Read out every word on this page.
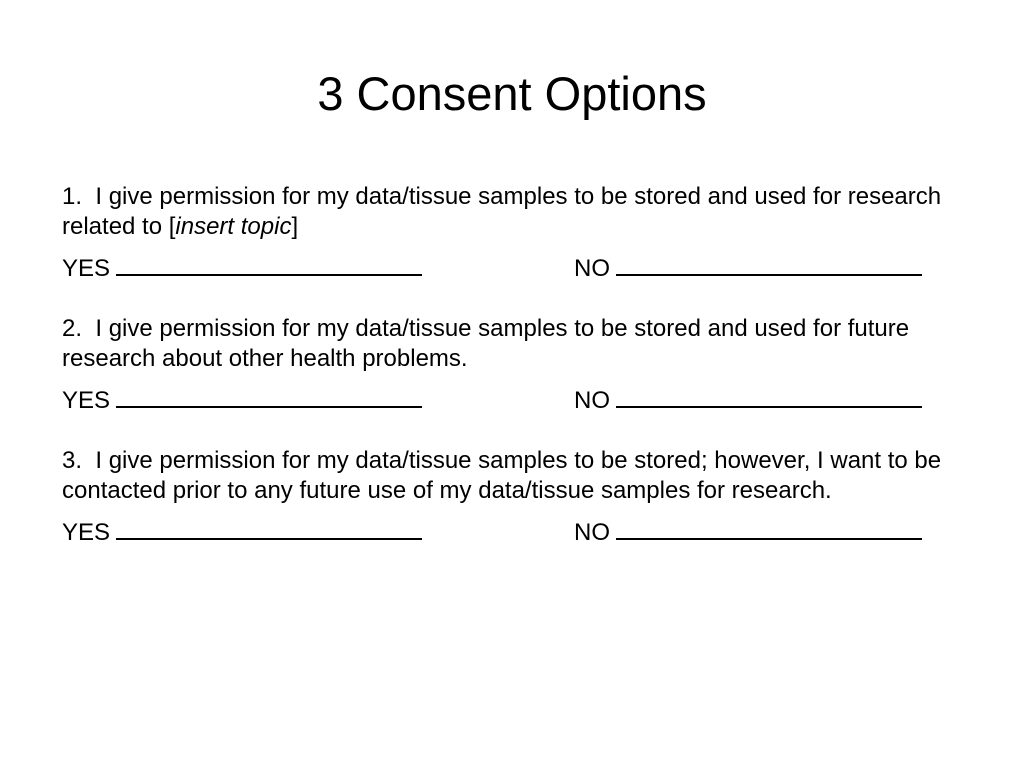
3 Consent Options

1. I give permission for my data/tissue samples to be stored and used for research related to [insert topic]

YES	NO

2. I give permission for my data/tissue samples to be stored and used for future research about other health problems.

YES	NO

3. I give permission for my data/tissue samples to be stored; however, I want to be contacted prior to any future use of my data/tissue samples for research.

YES	NO
